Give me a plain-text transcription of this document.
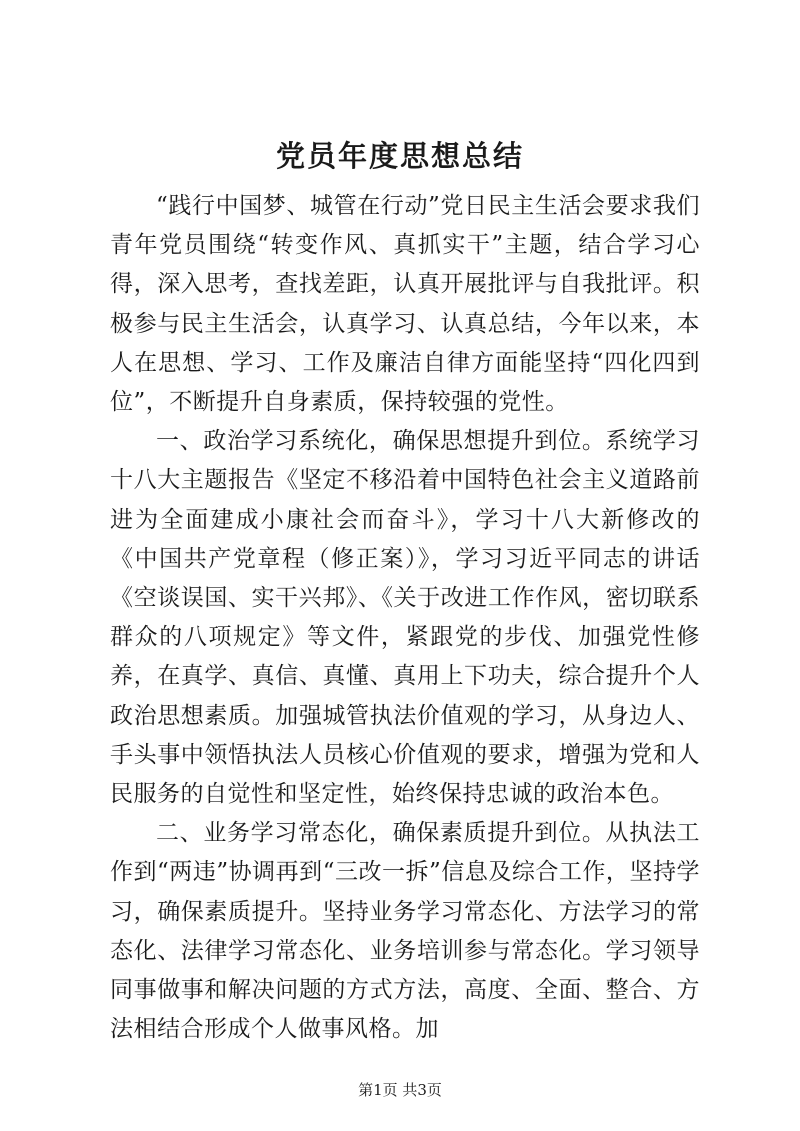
党员年度思想总结

“践行中国梦、城管在行动”党日民主生活会要求我们青年党员围绕“转变作风、真抓实干”主题，结合学习心得，深入思考，查找差距，认真开展批评与自我批评。积极参与民主生活会，认真学习、认真总结，今年以来，本人在思想、学习、工作及廉洁自律方面能坚持“四化四到位”，不断提升自身素质，保持较强的党性。

一、政治学习系统化，确保思想提升到位。系统学习十八大主题报告《坚定不移沿着中国特色社会主义道路前进为全面建成小康社会而奋斗》，学习十八大新修改的《中国共产党章程（修正案）》，学习习近平同志的讲话《空谈误国、实干兴邦》、《关于改进工作作风，密切联系群众的八项规定》等文件，紧跟党的步伐、加强党性修养，在真学、真信、真懂、真用上下功夫，综合提升个人政治思想素质。加强城管执法价值观的学习，从身边人、手头事中领悟执法人员核心价值观的要求，增强为党和人民服务的自觉性和坚定性，始终保持忠诚的政治本色。

二、业务学习常态化，确保素质提升到位。从执法工作到“两违”协调再到“三改一拆”信息及综合工作，坚持学习，确保素质提升。坚持业务学习常态化、方法学习的常态化、法律学习常态化、业务培训参与常态化。学习领导同事做事和解决问题的方式方法，高度、全面、整合、方法相结合形成个人做事风格。加

第1页 共3页
